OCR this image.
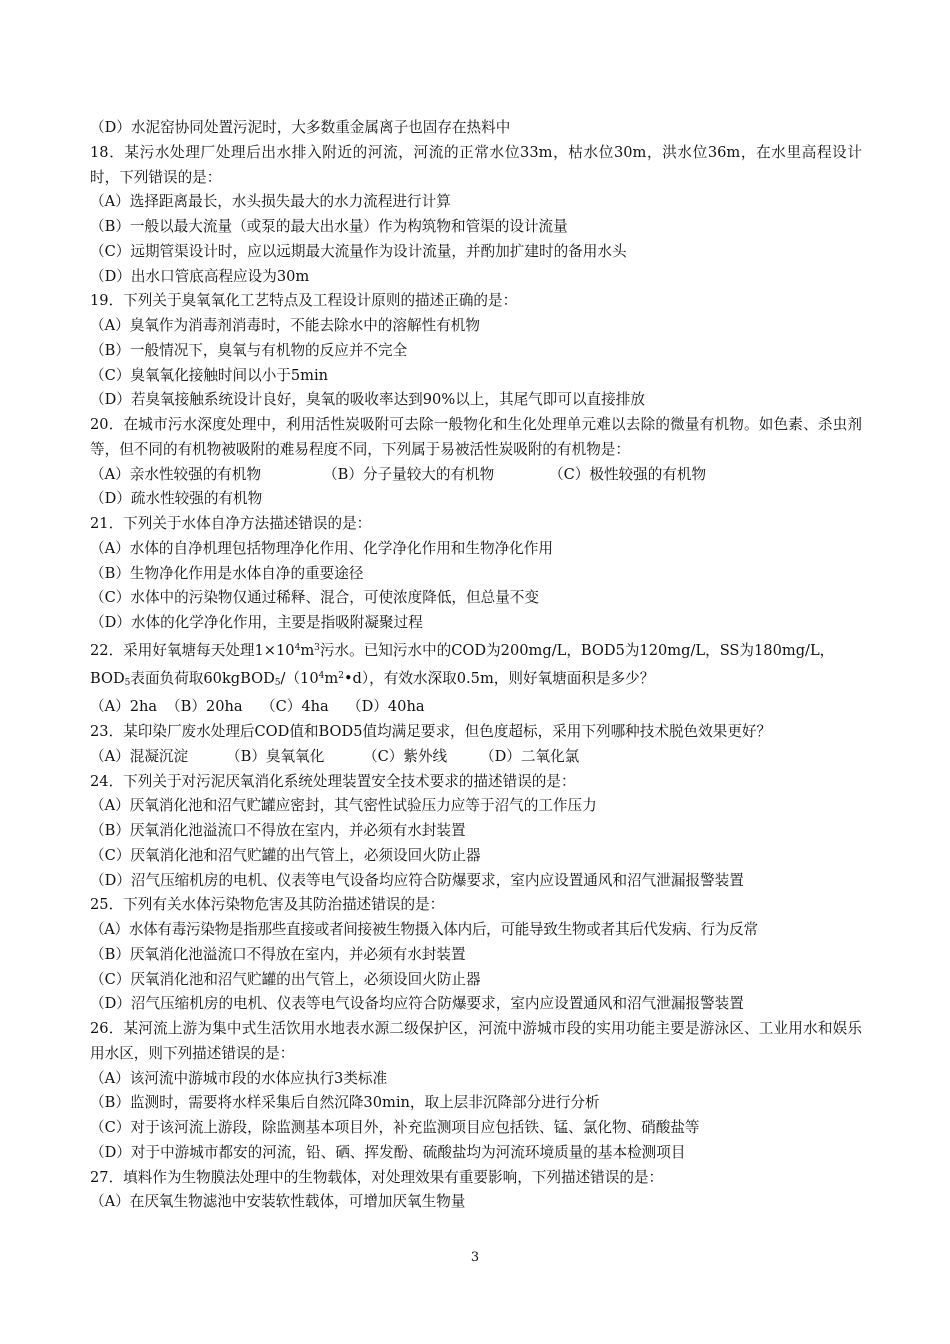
（D）水泥窑协同处置污泥时，大多数重金属离子也固存在热料中
18．某污水处理厂处理后出水排入附近的河流，河流的正常水位33m，枯水位30m，洪水位36m，在水里高程设计时，下列错误的是：
（A）选择距离最长，水头损失最大的水力流程进行计算
（B）一般以最大流量（或泵的最大出水量）作为构筑物和管渠的设计流量
（C）远期管渠设计时，应以远期最大流量作为设计流量，并酌加扩建时的备用水头
（D）出水口管底高程应设为30m
19．下列关于臭氧氧化工艺特点及工程设计原则的描述正确的是：
（A）臭氧作为消毒剂消毒时，不能去除水中的溶解性有机物
（B）一般情况下，臭氧与有机物的反应并不完全
（C）臭氧氧化接触时间以小于5min
（D）若臭氧接触系统设计良好，臭氧的吸收率达到90%以上，其尾气即可以直接排放
20．在城市污水深度处理中，利用活性炭吸附可去除一般物化和生化处理单元难以去除的微量有机物。如色素、杀虫剂等，但不同的有机物被吸附的难易程度不同，下列属于易被活性炭吸附的有机物是：
（A）亲水性较强的有机物	（B）分子量较大的有机物	（C）极性较强的有机物
（D）疏水性较强的有机物
21．下列关于水体自净方法描述错误的是：
（A）水体的自净机理包括物理净化作用、化学净化作用和生物净化作用
（B）生物净化作用是水体自净的重要途径
（C）水体中的污染物仅通过稀释、混合，可使浓度降低，但总量不变
（D）水体的化学净化作用，主要是指吸附凝聚过程
22．采用好氧塘每天处理$1\times 10^4m^3$污水。已知污水中的COD为200mg/L，BOD5为120mg/L，SS为180mg/L，
$BOD_5$表面负荷取$60kgBOD_5/(10^4m^2•d)$，有效水深取0.5m，则好氧塘面积是多少？
（A）2ha （B）20ha	（C）4ha	（D）40ha
23．某印染厂废水处理后COD值和BOD5值均满足要求，但色度超标，采用下列哪种技术脱色效果更好？
（A）混凝沉淀	（B）臭氧氧化	（C）紫外线	（D）二氧化氯
24．下列关于对污泥厌氧消化系统处理装置安全技术要求的描述错误的是：
（A）厌氧消化池和沼气贮罐应密封，其气密性试验压力应等于沼气的工作压力
（B）厌氧消化池溢流口不得放在室内，并必须有水封装置
（C）厌氧消化池和沼气贮罐的出气管上，必须设回火防止器
（D）沼气压缩机房的电机、仪表等电气设备均应符合防爆要求，室内应设置通风和沼气泄漏报警装置
25．下列有关水体污染物危害及其防治描述错误的是：
（A）水体有毒污染物是指那些直接或者间接被生物摄入体内后，可能导致生物或者其后代发病、行为反常
（B）厌氧消化池溢流口不得放在室内，并必须有水封装置
（C）厌氧消化池和沼气贮罐的出气管上，必须设回火防止器
（D）沼气压缩机房的电机、仪表等电气设备均应符合防爆要求，室内应设置通风和沼气泄漏报警装置
26．某河流上游为集中式生活饮用水地表水源二级保护区，河流中游城市段的实用功能主要是游泳区、工业用水和娱乐用水区，则下列描述错误的是：
（A）该河流中游城市段的水体应执行3类标准
（B）监测时，需要将水样采集后自然沉降30min，取上层非沉降部分进行分析
（C）对于该河流上游段，除监测基本项目外，补充监测项目应包括铁、锰、氯化物、硝酸盐等
（D）对于中游城市都安的河流，铅、硒、挥发酚、硫酸盐均为河流环境质量的基本检测项目
27．填料作为生物膜法处理中的生物载体，对处理效果有重要影响，下列描述错误的是：
（A）在厌氧生物滤池中安装软性载体，可增加厌氧生物量
3
